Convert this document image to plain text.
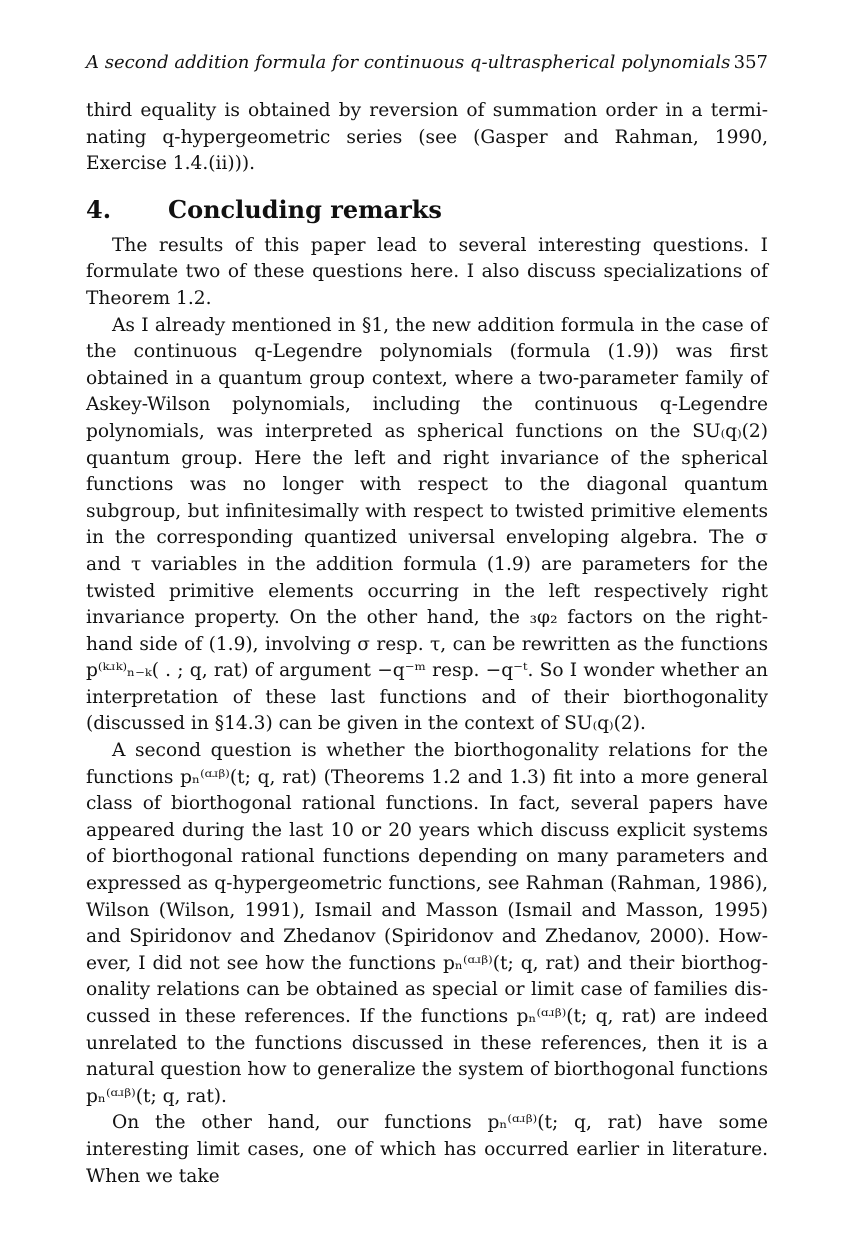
A second addition formula for continuous q-ultraspherical polynomials 357

third equality is obtained by reversion of summation order in a terminating q-hypergeometric series (see (Gasper and Rahman, 1990, Exercise 1.4.(ii))).

4.	Concluding remarks

The results of this paper lead to several interesting questions. I formulate two of these questions here. I also discuss specializations of Theorem 1.2.

As I already mentioned in §1, the new addition formula in the case of the continuous q-Legendre polynomials (formula (1.9)) was first obtained in a quantum group context, where a two-parameter family of Askey-Wilson polynomials, including the continuous q-Legendre polynomials, was interpreted as spherical functions on the SU₍q₎(2) quantum group. Here the left and right invariance of the spherical functions was no longer with respect to the diagonal quantum subgroup, but infinitesimally with respect to twisted primitive elements in the corresponding quantized universal enveloping algebra. The σ and τ variables in the addition formula (1.9) are parameters for the twisted primitive elements occurring in the left respectively right invariance property. On the other hand, the ₃φ₂ factors on the right-hand side of (1.9), involving σ resp. τ, can be rewritten as the functions p⁽ᵏʴᵏ⁾ₙ₋ₖ( . ; q, rat) of argument −q⁻ᵐ resp. −q⁻ᵗ. So I wonder whether an interpretation of these last functions and of their biorthogonality (discussed in §14.3) can be given in the context of SU₍q₎(2).

A second question is whether the biorthogonality relations for the functions pₙ⁽ᵅʴᵝ⁾(t; q, rat) (Theorems 1.2 and 1.3) fit into a more general class of biorthogonal rational functions. In fact, several papers have appeared during the last 10 or 20 years which discuss explicit systems of biorthogonal rational functions depending on many parameters and expressed as q-hypergeometric functions, see Rahman (Rahman, 1986), Wilson (Wilson, 1991), Ismail and Masson (Ismail and Masson, 1995) and Spiridonov and Zhedanov (Spiridonov and Zhedanov, 2000). However, I did not see how the functions pₙ⁽ᵅʴᵝ⁾(t; q, rat) and their biorthogonality relations can be obtained as special or limit case of families discussed in these references. If the functions pₙ⁽ᵅʴᵝ⁾(t; q, rat) are indeed unrelated to the functions discussed in these references, then it is a natural question how to generalize the system of biorthogonal functions pₙ⁽ᵅʴᵝ⁾(t; q, rat).

On the other hand, our functions pₙ⁽ᵅʴᵝ⁾(t; q, rat) have some interesting limit cases, one of which has occurred earlier in literature. When we take
